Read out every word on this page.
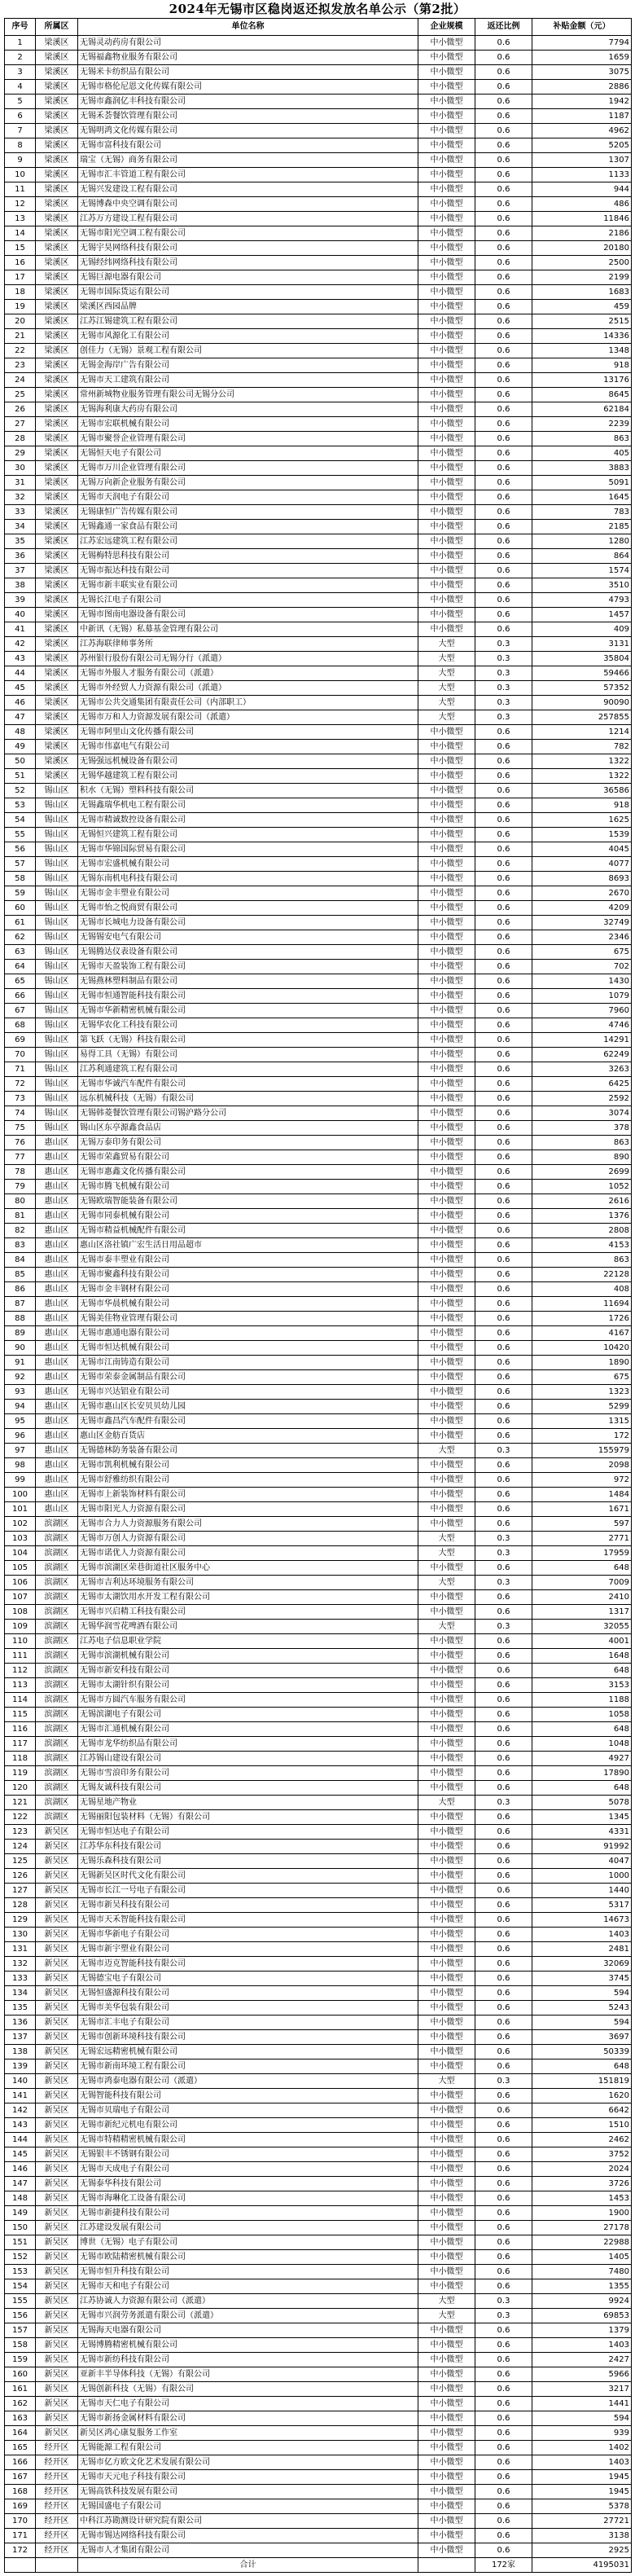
2024年无锡市区稳岗返还拟发放名单公示（第2批）
序号	所属区	单位名称	企业规模	返还比例	补贴金额（元）
1	梁溪区	无锡灵动药房有限公司	中小微型	0.6	7794
2	梁溪区	无锡福鑫物业服务有限公司	中小微型	0.6	1659
3	梁溪区	无锡米卡纺织品有限公司	中小微型	0.6	3075
4	梁溪区	无锡市格伦尼恩文化传媒有限公司	中小微型	0.6	2886
5	梁溪区	无锡市鑫润亿丰科技有限公司	中小微型	0.6	1942
6	梁溪区	无锡禾荟餐饮管理有限公司	中小微型	0.6	1187
7	梁溪区	无锡明鸿文化传媒有限公司	中小微型	0.6	4962
8	梁溪区	无锡市富科技有限公司	中小微型	0.6	5205
9	梁溪区	瑞宝（无锡）商务有限公司	中小微型	0.6	1307
10	梁溪区	无锡市汇丰管道工程有限公司	中小微型	0.6	1133
11	梁溪区	无锡兴发建设工程有限公司	中小微型	0.6	944
12	梁溪区	无锡博森中央空调有限公司	中小微型	0.6	486
13	梁溪区	江苏万方建设工程有限公司	中小微型	0.6	11846
14	梁溪区	无锡市阳光空调工程有限公司	中小微型	0.6	2186
15	梁溪区	无锡宇昊网络科技有限公司	中小微型	0.6	20180
16	梁溪区	无锡经纬网络科技有限公司	中小微型	0.6	2500
17	梁溪区	无锡巨源电器有限公司	中小微型	0.6	2199
18	梁溪区	无锡市国际货运有限公司	中小微型	0.6	1683
19	梁溪区	梁溪区西园品牌	中小微型	0.6	459
20	梁溪区	江苏江锡建筑工程有限公司	中小微型	0.6	2515
21	梁溪区	无锡市风源化工有限公司	中小微型	0.6	14336
22	梁溪区	创佳力（无锡）景观工程有限公司	中小微型	0.6	1348
23	梁溪区	无锡金海岸广告有限公司	中小微型	0.6	918
24	梁溪区	无锡市天工建筑有限公司	中小微型	0.6	13176
25	梁溪区	常州新城物业服务管理有限公司无锡分公司	中小微型	0.6	8645
26	梁溪区	无锡海利康大药房有限公司	中小微型	0.6	62184
27	梁溪区	无锡市宏联机械有限公司	中小微型	0.6	2239
28	梁溪区	无锡市聚誉企业管理有限公司	中小微型	0.6	863
29	梁溪区	无锡恒天电子有限公司	中小微型	0.6	405
30	梁溪区	无锡市万川企业管理有限公司	中小微型	0.6	3883
31	梁溪区	无锡万向新企业服务有限公司	中小微型	0.6	5091
32	梁溪区	无锡市天润电子有限公司	中小微型	0.6	1645
33	梁溪区	无锡康恒广告传媒有限公司	中小微型	0.6	783
34	梁溪区	无锡鑫通一家食品有限公司	中小微型	0.6	2185
35	梁溪区	江苏宏远建筑工程有限公司	中小微型	0.6	1280
36	梁溪区	无锡梅特思科技有限公司	中小微型	0.6	864
37	梁溪区	无锡市振达科技有限公司	中小微型	0.6	1574
38	梁溪区	无锡市新丰联实业有限公司	中小微型	0.6	3510
39	梁溪区	无锡长江电子有限公司	中小微型	0.6	4793
40	梁溪区	无锡市图南电器设备有限公司	中小微型	0.6	1457
41	梁溪区	中新讯（无锡）私募基金管理有限公司	中小微型	0.6	409
42	梁溪区	江苏海联律师事务所	大型	0.3	3131
43	梁溪区	苏州银行股份有限公司无锡分行（派遣）	大型	0.3	35804
44	梁溪区	无锡市外服人才服务有限公司（派遣）	大型	0.3	59466
45	梁溪区	无锡市外经贸人力资源有限公司（派遣）	大型	0.3	57352
46	梁溪区	无锡市公共交通集团有限责任公司（内部职工）	大型	0.3	90090
47	梁溪区	无锡市万和人力资源发展有限公司（派遣）	大型	0.3	257855
48	梁溪区	无锡市阿里山文化传播有限公司	中小微型	0.6	1214
49	梁溪区	无锡市伟嘉电气有限公司	中小微型	0.6	782
50	梁溪区	无锡强远机械设备有限公司	中小微型	0.6	1322
51	梁溪区	无锡华越建筑工程有限公司	中小微型	0.6	1322
52	锡山区	积水（无锡）塑料科技有限公司	中小微型	0.6	36586
53	锡山区	无锡鑫瑞华机电工程有限公司	中小微型	0.6	918
54	锡山区	无锡市精诚数控设备有限公司	中小微型	0.6	1625
55	锡山区	无锡恒兴建筑工程有限公司	中小微型	0.6	1539
56	锡山区	无锡市华锦国际贸易有限公司	中小微型	0.6	4045
57	锡山区	无锡市宏盛机械有限公司	中小微型	0.6	4077
58	锡山区	无锡东南机电科技有限公司	中小微型	0.6	8693
59	锡山区	无锡市金丰塑业有限公司	中小微型	0.6	2670
60	锡山区	无锡市怡之悦商贸有限公司	中小微型	0.6	4209
61	锡山区	无锡市长城电力设备有限公司	中小微型	0.6	32749
62	锡山区	无锡锡安电气有限公司	中小微型	0.6	2346
63	锡山区	无锡腾达仪表设备有限公司	中小微型	0.6	675
64	锡山区	无锡市天盈装饰工程有限公司	中小微型	0.6	702
65	锡山区	无锡燕林塑料制品有限公司	中小微型	0.6	1430
66	锡山区	无锡市恒通智能科技有限公司	中小微型	0.6	1079
67	锡山区	无锡市华新精密机械有限公司	中小微型	0.6	7960
68	锡山区	无锡华农化工科技有限公司	中小微型	0.6	4746
69	锡山区	第飞跃（无锡）科技有限公司	中小微型	0.6	14291
70	锡山区	易得工具（无锡）有限公司	中小微型	0.6	62249
71	锡山区	江苏利通建筑工程有限公司	中小微型	0.6	3263
72	锡山区	无锡市华诚汽车配件有限公司	中小微型	0.6	6425
73	锡山区	远东机械科技（无锡）有限公司	中小微型	0.6	2592
74	锡山区	无锡韩菱餐饮管理有限公司锡沪路分公司	中小微型	0.6	3074
75	锡山区	锡山区东亭源鑫食品店	中小微型	0.6	378
76	惠山区	无锡万泰印务有限公司	中小微型	0.6	863
77	惠山区	无锡市荣鑫贸易有限公司	中小微型	0.6	890
78	惠山区	无锡市惠鑫文化传播有限公司	中小微型	0.6	2699
79	惠山区	无锡市腾飞机械有限公司	中小微型	0.6	1052
80	惠山区	无锡欧瑞智能装备有限公司	中小微型	0.6	2616
81	惠山区	无锡市同泰机械有限公司	中小微型	0.6	1376
82	惠山区	无锡市精益机械配件有限公司	中小微型	0.6	2808
83	惠山区	惠山区洛社镇广宏生活日用品超市	中小微型	0.6	4153
84	惠山区	无锡市泰丰塑业有限公司	中小微型	0.6	863
85	惠山区	无锡市聚鑫科技有限公司	中小微型	0.6	22128
86	惠山区	无锡市金丰钢材有限公司	中小微型	0.6	408
87	惠山区	无锡市华晨机械有限公司	中小微型	0.6	11694
88	惠山区	无锡美佳物业管理有限公司	中小微型	0.6	1726
89	惠山区	无锡市惠通电器有限公司	中小微型	0.6	4167
90	惠山区	无锡市恒达机械有限公司	中小微型	0.6	10420
91	惠山区	无锡市江南铸造有限公司	中小微型	0.6	1890
92	惠山区	无锡市荣泰金属制品有限公司	中小微型	0.6	675
93	惠山区	无锡市兴达铝业有限公司	中小微型	0.6	1323
94	惠山区	无锡市惠山区长安贝贝幼儿园	中小微型	0.6	5299
95	惠山区	无锡市鑫昌汽车配件有限公司	中小微型	0.6	1315
96	惠山区	惠山区金舫百货店	中小微型	0.6	172
97	惠山区	无锡德林防务装备有限公司	大型	0.3	155979
98	惠山区	无锡市凯利机械有限公司	中小微型	0.6	2098
99	惠山区	无锡市舒雅纺织有限公司	中小微型	0.6	972
100	惠山区	无锡市上新装饰材料有限公司	中小微型	0.6	1484
101	惠山区	无锡市阳光人力资源有限公司	中小微型	0.6	1671
102	滨湖区	无锡市合力人力资源服务有限公司	中小微型	0.6	597
103	滨湖区	无锡市万创人力资源有限公司	大型	0.3	2771
104	滨湖区	无锡市诺优人力资源有限公司	大型	0.3	17959
105	滨湖区	无锡市滨湖区荣巷街道社区服务中心	中小微型	0.6	648
106	滨湖区	无锡市吉利达环境服务有限公司	大型	0.3	7009
107	滨湖区	无锡市太湖饮用水开发工程有限公司	中小微型	0.6	2410
108	滨湖区	无锡市兴启精工科技有限公司	中小微型	0.6	1317
109	滨湖区	无锡华润雪花啤酒有限公司	大型	0.3	32055
110	滨湖区	江苏电子信息职业学院	中小微型	0.6	4001
111	滨湖区	无锡市滨湖机械有限公司	中小微型	0.6	1648
112	滨湖区	无锡市新安科技有限公司	中小微型	0.6	648
113	滨湖区	无锡市太湖针织有限公司	中小微型	0.6	3153
114	滨湖区	无锡市方圆汽车服务有限公司	中小微型	0.6	1188
115	滨湖区	无锡滨湖电子有限公司	中小微型	0.6	1058
116	滨湖区	无锡市汇通机械有限公司	中小微型	0.6	648
117	滨湖区	无锡市龙华纺织品有限公司	中小微型	0.6	1048
118	滨湖区	江苏锡山建设有限公司	中小微型	0.6	4927
119	滨湖区	无锡市雪浪印务有限公司	中小微型	0.6	17890
120	滨湖区	无锡友诚科技有限公司	中小微型	0.6	648
121	滨湖区	无锡星地产物业	大型	0.3	5078
122	滨湖区	无锡丽阳包装材料（无锡）有限公司	中小微型	0.6	1345
123	新吴区	无锡市恒达电子有限公司	中小微型	0.6	4331
124	新吴区	江苏华东科技有限公司	中小微型	0.6	91992
125	新吴区	无锡乐森科技有限公司	中小微型	0.6	4047
126	新吴区	无锡新吴区时代文化有限公司	中小微型	0.6	1000
127	新吴区	无锡市长江一号电子有限公司	中小微型	0.6	1440
128	新吴区	无锡市新吴科技有限公司	中小微型	0.6	5317
129	新吴区	无锡市天禾智能科技有限公司	中小微型	0.6	14673
130	新吴区	无锡市华新电子有限公司	中小微型	0.6	1403
131	新吴区	无锡市新宇塑业有限公司	中小微型	0.6	2481
132	新吴区	无锡市迈克智能科技有限公司	中小微型	0.6	32069
133	新吴区	无锡德宝电子有限公司	中小微型	0.6	3745
134	新吴区	无锡恒盛源科技有限公司	中小微型	0.6	594
135	新吴区	无锡市美华包装有限公司	中小微型	0.6	5243
136	新吴区	无锡市汇丰电子有限公司	中小微型	0.6	594
137	新吴区	无锡市创新环境科技有限公司	中小微型	0.6	3697
138	新吴区	无锡宏远精密机械有限公司	中小微型	0.6	50339
139	新吴区	无锡市新南环境工程有限公司	中小微型	0.6	648
140	新吴区	无锡市鸿泰电器有限公司（派遣）	大型	0.3	151819
141	新吴区	无锡智能科技有限公司	中小微型	0.6	1620
142	新吴区	无锡市贝瑞电子有限公司	中小微型	0.6	6642
143	新吴区	无锡市新纪元机电有限公司	中小微型	0.6	1510
144	新吴区	无锡市特精精密机械有限公司	中小微型	0.6	2462
145	新吴区	无锡银丰不锈钢有限公司	中小微型	0.6	3752
146	新吴区	无锡市天成电子有限公司	中小微型	0.6	2024
147	新吴区	无锡泰华科技有限公司	中小微型	0.6	3726
148	新吴区	无锡市海琳化工设备有限公司	中小微型	0.6	1453
149	新吴区	无锡市新捷科技有限公司	中小微型	0.6	1900
150	新吴区	江苏建设发展有限公司	中小微型	0.6	27178
151	新吴区	博世（无锡）电子有限公司	中小微型	0.6	22988
152	新吴区	无锡市欧陆精密机械有限公司	中小微型	0.6	1405
153	新吴区	无锡市恒升科技有限公司	中小微型	0.6	7480
154	新吴区	无锡市天和电子有限公司	中小微型	0.6	1355
155	新吴区	江苏协诚人力资源有限公司（派遣）	大型	0.3	9924
156	新吴区	无锡市兴润劳务派遣有限公司（派遣）	大型	0.3	69853
157	新吴区	无锡海天电器有限公司	中小微型	0.6	1379
158	新吴区	无锡博腾精密机械有限公司	中小微型	0.6	1403
159	新吴区	无锡市新纺科技有限公司	中小微型	0.6	2427
160	新吴区	亚新丰半导体科技（无锡）有限公司	中小微型	0.6	5966
161	新吴区	无锡创新科技（无锡）有限公司	中小微型	0.6	3217
162	新吴区	无锡市天仁电子有限公司	中小微型	0.6	1441
163	新吴区	无锡市新扬金属材料有限公司	中小微型	0.6	594
164	新吴区	新吴区鸿心康复服务工作室	中小微型	0.6	939
165	经开区	无锡能源工程有限公司	中小微型	0.6	1402
166	经开区	无锡市亿方欧文化艺术发展有限公司	中小微型	0.6	1403
167	经开区	无锡市天元电子科技有限公司	中小微型	0.6	1945
168	经开区	无锡高铁科技发展有限公司	中小微型	0.6	1945
169	经开区	无锡国盛电子有限公司	中小微型	0.6	5378
170	经开区	中科江苏勘测设计研究院有限公司	中小微型	0.6	27721
171	经开区	无锡市锡达网络科技有限公司	中小微型	0.6	3138
172	经开区	无锡市人才集团有限公司	中小微型	0.6	2925
		合计		172家	4195031
